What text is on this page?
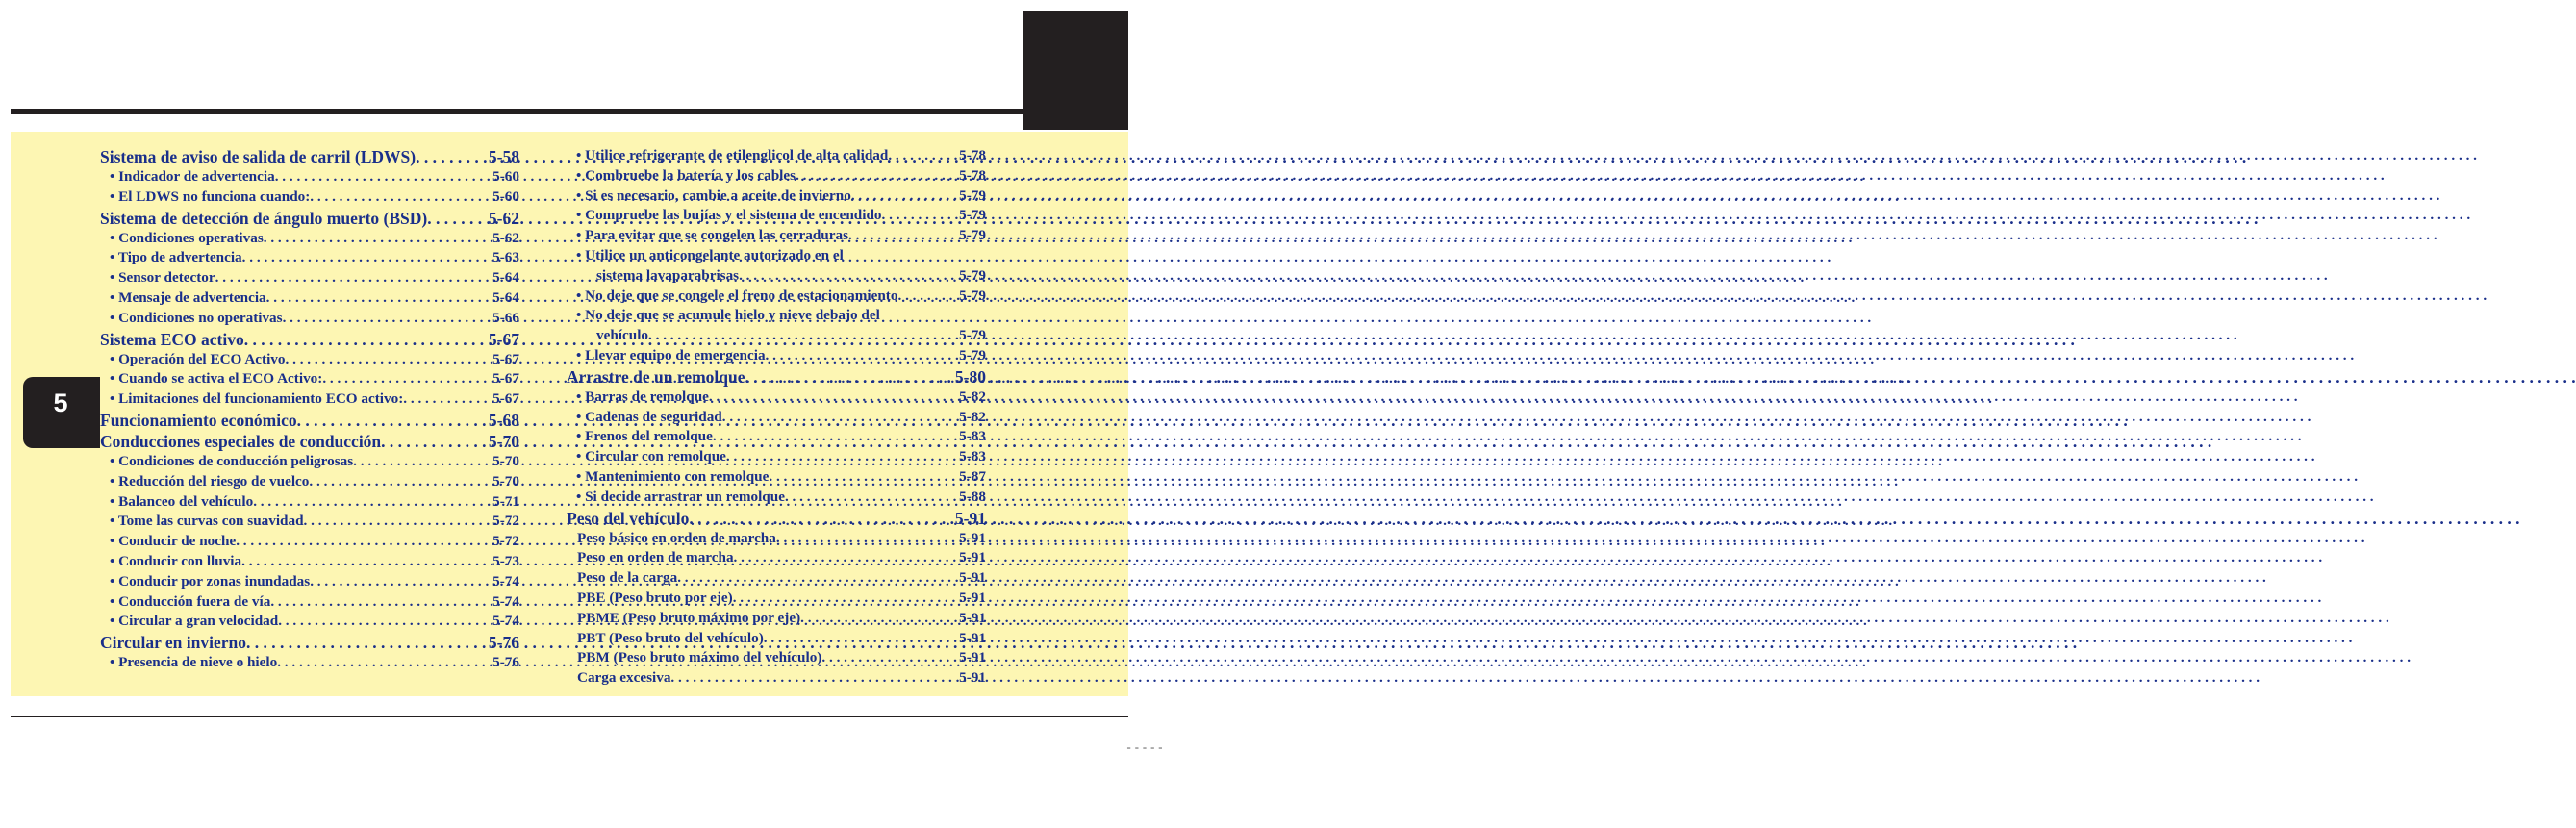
5
Sistema de aviso de salida de carril (LDWS) . . .	5-58
• Indicador de advertencia . . .	5-60
• El LDWS no funciona cuando: . . .	5-60
Sistema de detección de ángulo muerto (BSD) . . .	5-62
• Condiciones operativas . . .	5-62
• Tipo de advertencia . . .	5-63
• Sensor detector . . .	5-64
• Mensaje de advertencia . . .	5-64
• Condiciones no operativas . . .	5-66
Sistema ECO activo . . .	5-67
• Operación del ECO Activo . . .	5-67
• Cuando se activa el ECO Activo: . . .	5-67
• Limitaciones del funcionamiento ECO activo: . . .	5-67
Funcionamiento económico . . .	5-68
Conducciones especiales de conducción . . .	5-70
• Condiciones de conducción peligrosas . . .	5-70
• Reducción del riesgo de vuelco . . .	5-70
• Balanceo del vehículo . . .	5-71
• Tome las curvas con suavidad . . .	5-72
• Conducir de noche . . .	5-72
• Conducir con lluvia . . .	5-73
• Conducir por zonas inundadas . . .	5-74
• Conducción fuera de vía . . .	5-74
• Circular a gran velocidad . . .	5-74
Circular en invierno . . .	5-76
• Presencia de nieve o hielo . . .	5-76
• Utilice refrigerante de etilenglicol de alta calidad . . .	5-78
• Combruebe la batería y los cables . . .	5-78
• Si es necesario, cambie a aceite de invierno . . .	5-79
• Compruebe las bujías y el sistema de encendido . . .	5-79
• Para evitar que se congelen las cerraduras . . .	5-79
• Utilice un anticongelante autorizado en el
sistema lavaparabrisas . . .	5-79
• No deje que se congele el freno de estacionamiento . . .	5-79
• No deje que se acumule hielo y nieve debajo del
vehículo . . .	5-79
• Llevar equipo de emergencia . . .	5-79
Arrastre de un remolque . . .	5-80
• Barras de remolque . . .	5-82
• Cadenas de seguridad . . .	5-82
• Frenos del remolque . . .	5-83
• Circular con remolque . . .	5-83
• Mantenimiento con remolque . . .	5-87
• Si decide arrastrar un remolque . . .	5-88
Peso del vehículo . . .	5-91
Peso básico en orden de marcha . . .	5-91
Peso en orden de marcha . . .	5-91
Peso de la carga . . .	5-91
PBE (Peso bruto por eje) . . .	5-91
PBME (Peso bruto máximo por eje) . . .	5-91
PBT (Peso bruto del vehículo) . . .	5-91
PBM (Peso bruto máximo del vehículo) . . .	5-91
Carga excesiva . . .	5-91
-----
